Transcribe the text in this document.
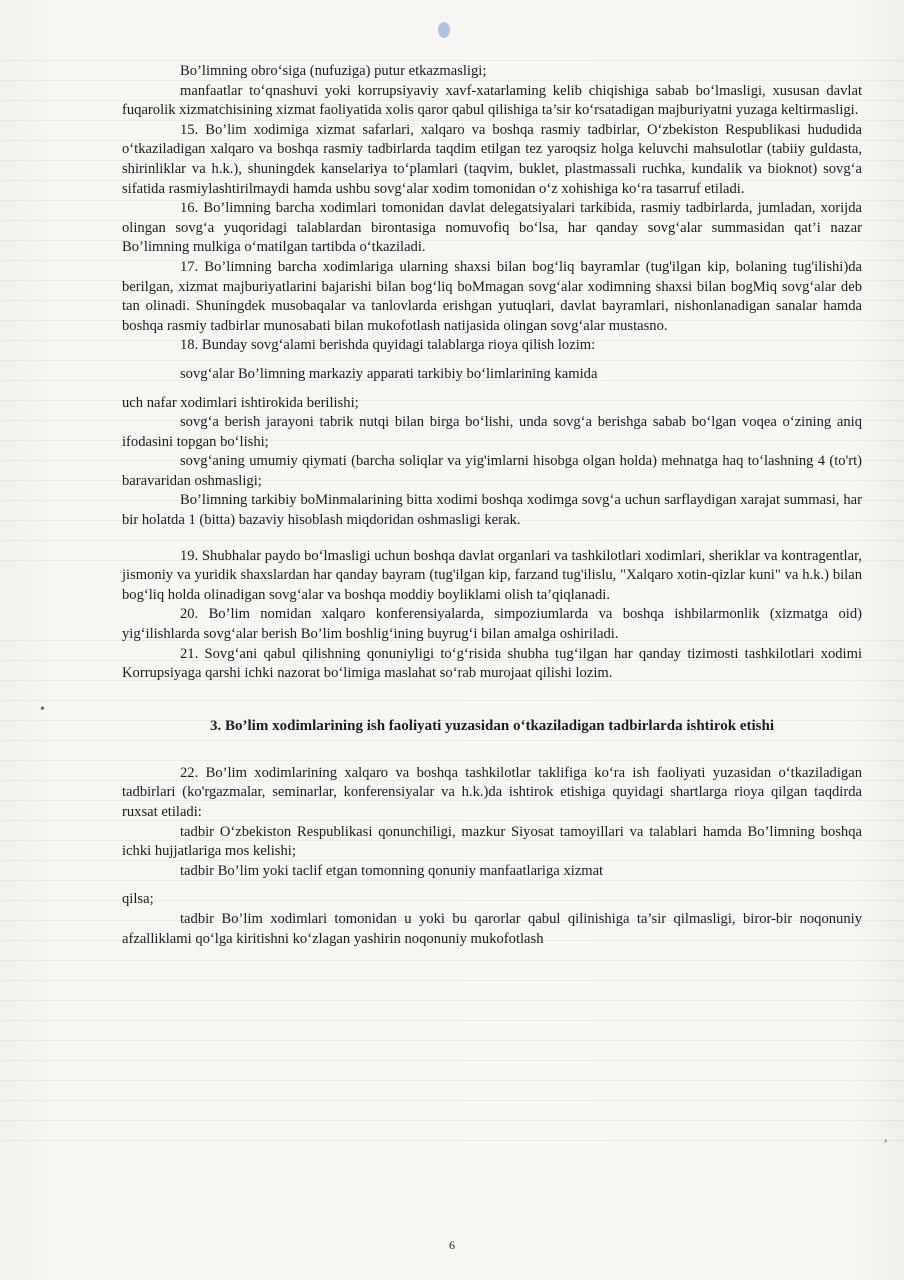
•
,

Bo’limning obro‘siga (nufuziga) putur etkazmasligi;

manfaatlar to‘qnashuvi yoki korrupsiyaviy xavf-xatarlaming kelib chiqishiga sabab bo‘lmasligi, xususan davlat fuqarolik xizmatchisining xizmat faoliyatida xolis qaror qabul qilishiga ta’sir ko‘rsatadigan majburiyatni yuzaga keltirmasligi.

15. Bo’lim xodimiga xizmat safarlari, xalqaro va boshqa rasmiy tadbirlar, O‘zbekiston Respublikasi hududida o‘tkaziladigan xalqaro va boshqa rasmiy tadbirlarda taqdim etilgan tez yaroqsiz holga keluvchi mahsulotlar (tabiiy guldasta, shirinliklar va h.k.), shuningdek kanselariya to‘plamlari (taqvim, buklet, plastmassali ruchka, kundalik va bioknot) sovg‘a sifatida rasmiylashtirilmaydi hamda ushbu sovg‘alar xodim tomonidan o‘z xohishiga ko‘ra tasarruf etiladi.

16. Bo’limning barcha xodimlari tomonidan davlat delegatsiyalari tarkibida, rasmiy tadbirlarda, jumladan, xorijda olingan sovg‘a yuqoridagi talablardan birontasiga nomuvofiq bo‘lsa, har qanday sovg‘alar summasidan qat’i nazar Bo’limning mulkiga o‘matilgan tartibda o‘tkaziladi.

17. Bo’limning barcha xodimlariga ularning shaxsi bilan bog‘liq bayramlar (tug'ilgan kip, bolaning tug'ilishi)da berilgan, xizmat majburiyatlarini bajarishi bilan bog‘liq boMmagan sovg‘alar xodimning shaxsi bilan bogMiq sovg‘alar deb tan olinadi. Shuningdek musobaqalar va tanlovlarda erishgan yutuqlari, davlat bayramlari, nishonlanadigan sanalar hamda boshqa rasmiy tadbirlar munosabati bilan mukofotlash natijasida olingan sovg‘alar mustasno.

18. Bunday sovg‘alami berishda quyidagi talablarga rioya qilish lozim:

sovg‘alar Bo’limning markaziy apparati tarkibiy bo‘limlarining kamida

uch nafar xodimlari ishtirokida berilishi;

sovg‘a berish jarayoni tabrik nutqi bilan birga bo‘lishi, unda sovg‘a berishga sabab bo‘lgan voqea o‘zining aniq ifodasini topgan bo‘lishi;

sovg‘aning umumiy qiymati (barcha soliqlar va yig'imlarni hisobga olgan holda) mehnatga haq to‘lashning 4 (to'rt) baravaridan oshmasligi;

Bo’limning tarkibiy boMinmalarining bitta xodimi boshqa xodimga sovg‘a uchun sarflaydigan xarajat summasi, har bir holatda 1 (bitta) bazaviy hisoblash miqdoridan oshmasligi kerak.

19. Shubhalar paydo bo‘lmasligi uchun boshqa davlat organlari va tashkilotlari xodimlari, sheriklar va kontragentlar, jismoniy va yuridik shaxslardan har qanday bayram (tug'ilgan kip, farzand tug'ilislu, "Xalqaro xotin-qizlar kuni" va h.k.) bilan bog‘liq holda olinadigan sovg‘alar va boshqa moddiy boyliklami olish ta’qiqlanadi.

20. Bo’lim nomidan xalqaro konferensiyalarda, simpoziumlarda va boshqa ishbilarmonlik (xizmatga oid) yig‘ilishlarda sovg‘alar berish Bo’lim boshlig‘ining buyrug‘i bilan amalga oshiriladi.

21. Sovg‘ani qabul qilishning qonuniyligi to‘g‘risida shubha tug‘ilgan har qanday tizimosti tashkilotlari xodimi Korrupsiyaga qarshi ichki nazorat bo‘limiga maslahat so‘rab murojaat qilishi lozim.

3. Bo’lim xodimlarining ish faoliyati yuzasidan o‘tkaziladigan tadbirlarda ishtirok etishi

22. Bo’lim xodimlarining xalqaro va boshqa tashkilotlar taklifiga ko‘ra ish faoliyati yuzasidan o‘tkaziladigan tadbirlari (ko'rgazmalar, seminarlar, konferensiyalar va h.k.)da ishtirok etishiga quyidagi shartlarga rioya qilgan taqdirda ruxsat etiladi:

tadbir O‘zbekiston Respublikasi qonunchiligi, mazkur Siyosat tamoyillari va talablari hamda Bo’limning boshqa ichki hujjatlariga mos kelishi;

tadbir Bo’lim yoki taclif etgan tomonning qonuniy manfaatlariga xizmat

qilsa;

tadbir Bo’lim xodimlari tomonidan u yoki bu qarorlar qabul qilinishiga ta’sir qilmasligi, biror-bir noqonuniy afzalliklami qo‘lga kiritishni ko‘zlagan yashirin noqonuniy mukofotlash

6
